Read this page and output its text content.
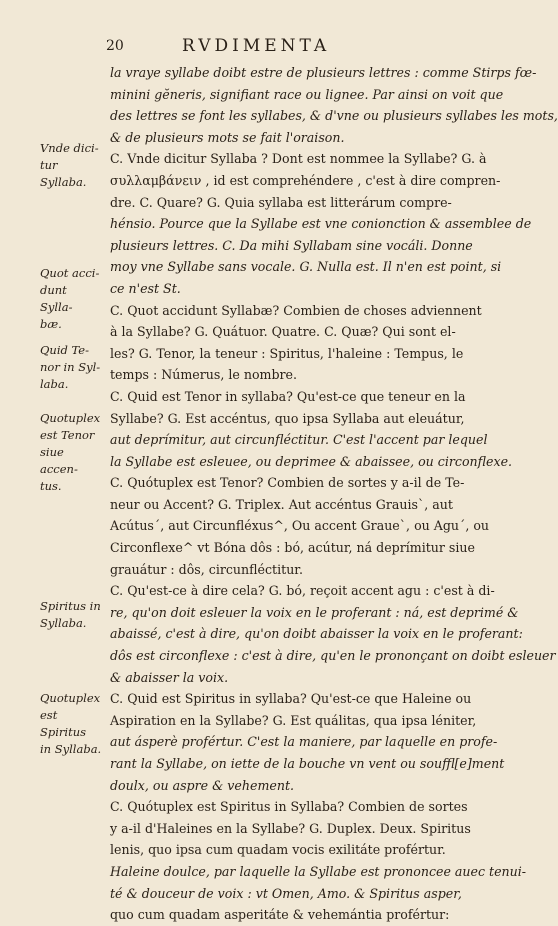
20	RVDIMENTA
Vnde dici-
tur Syllaba.
Quot acci-
dunt Sylla-
bæ.
Quid Te-
nor in Syl-
laba.
Quotuplex
est Tenor
siue accen-
tus.
Spiritus in
Syllaba.
Quotuplex
est Spiritus
in Syllaba.
la vraye syllabe doibt estre de plusieurs lettres : comme Stirps fœ-
minini gĕneris, signifiant race ou lignee. Par ainsi on voit que
des lettres se font les syllabes, & d'vne ou plusieurs syllabes les mots,
& de plusieurs mots se fait l'oraison.
C. Vnde dicitur Syllaba ? Dont est nommee la Syllabe? G. à
συλλαμβάνειν , id est comprehéndere , c'est à dire compren-
dre. C. Quare? G. Quia syllaba est litterárum compre-
hénsio. Pource que la Syllabe est vne conionction & assemblee de
plusieurs lettres. C. Da mihi Syllabam sine vocáli. Donne
moy vne Syllabe sans vocale. G. Nulla est. Il n'en est point, si
ce n'est St.
C. Quot accidunt Syllabæ? Combien de choses adviennent
à la Syllabe? G. Quátuor. Quatre. C. Quæ? Qui sont el-
les? G. Tenor, la teneur : Spiritus, l'haleine : Tempus, le
temps : Númerus, le nombre.
C. Quid est Tenor in syllaba? Qu'est-ce que teneur en la
Syllabe? G. Est accéntus, quo ipsa Syllaba aut eleuátur,
aut deprímitur, aut circunfléctitur. C'est l'accent par lequel
la Syllabe est esleuee, ou deprimee & abaissee, ou circonflexe.
C. Quótuplex est Tenor? Combien de sortes y a-il de Te-
neur ou Accent? G. Triplex. Aut accéntus Grauis`, aut
Acútus´, aut Circunfléxus^, Ou accent Graue`, ou Agu´, ou
Circonflexe^ vt Bóna dôs : bó, acútur, ná deprímitur siue
grauátur : dôs, circunfléctitur.
C. Qu'est-ce à dire cela? G. bó, reçoit accent agu : c'est à di-
re, qu'on doit esleuer la voix en le proferant : ná, est deprimé &
abaissé, c'est à dire, qu'on doibt abaisser la voix en le proferant:
dôs est circonflexe : c'est à dire, qu'en le prononçant on doibt esleuer
& abaisser la voix.
C. Quid est Spiritus in syllaba? Qu'est-ce que Haleine ou
Aspiration en la Syllabe? G. Est quálitas, qua ipsa léniter,
aut ásperè profértur. C'est la maniere, par laquelle en profe-
rant la Syllabe, on iette de la bouche vn vent ou souffl[e]ment
doulx, ou aspre & vehement.
C. Quótuplex est Spiritus in Syllaba? Combien de sortes
y a-il d'Haleines en la Syllabe? G. Duplex. Deux. Spiritus
lenis, quo ipsa cum quadam vocis exilitáte profértur.
Haleine doulce, par laquelle la Syllabe est prononcee auec tenui-
té & douceur de voix : vt Omen, Amo. & Spiritus asper,
quo cum quadam asperitáte & vehemántia profértur:
